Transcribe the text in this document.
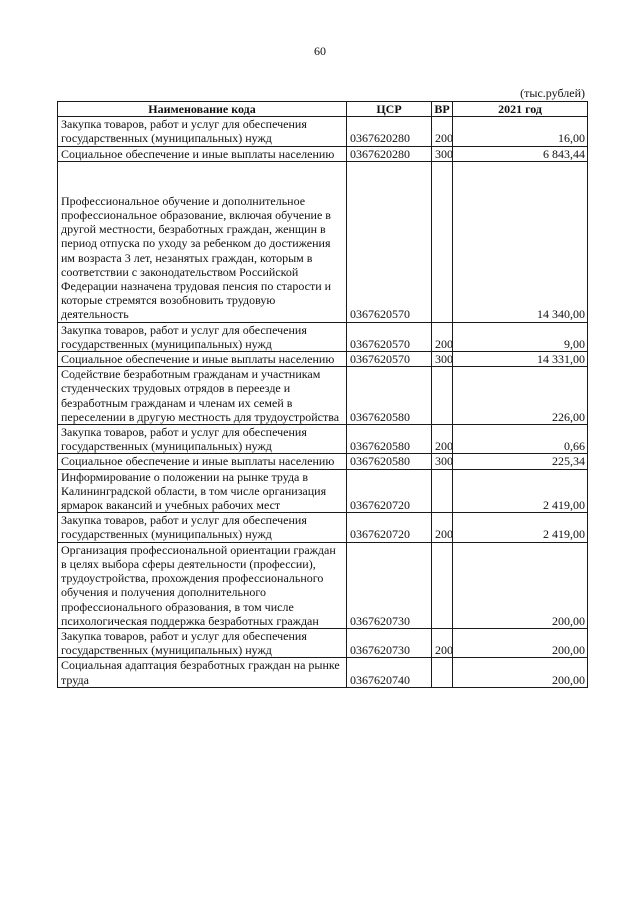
60
(тыс.рублей)
Наименование кода	ЦСР	ВР	2021 год
Закупка товаров, работ и услуг для обеспечения государственных (муниципальных) нужд	0367620280	200	16,00
Социальное обеспечение и иные выплаты населению	0367620280	300	6 843,44

Профессиональное обучение и дополнительное профессиональное образование, включая обучение в другой местности, безработных граждан, женщин в период отпуска по уходу за ребенком до достижения им возраста 3 лет, незанятых граждан, которым в соответствии с законодательством Российской Федерации назначена трудовая пенсия по старости и которые стремятся возобновить трудовую деятельность	0367620570		14 340,00
Закупка товаров, работ и услуг для обеспечения государственных (муниципальных) нужд	0367620570	200	9,00
Социальное обеспечение и иные выплаты населению	0367620570	300	14 331,00
Содействие безработным гражданам и участникам студенческих трудовых отрядов в переезде и безработным гражданам и членам их семей в переселении в другую местность для трудоустройства	0367620580		226,00
Закупка товаров, работ и услуг для обеспечения государственных (муниципальных) нужд	0367620580	200	0,66
Социальное обеспечение и иные выплаты населению	0367620580	300	225,34
Информирование о положении на рынке труда в Калининградской области, в том числе организация ярмарок вакансий и учебных рабочих мест	0367620720		2 419,00
Закупка товаров, работ и услуг для обеспечения государственных (муниципальных) нужд	0367620720	200	2 419,00
Организация профессиональной ориентации граждан в целях выбора сферы деятельности (профессии), трудоустройства, прохождения профессионального обучения и получения дополнительного профессионального образования, в том числе психологическая поддержка безработных граждан	0367620730		200,00
Закупка товаров, работ и услуг для обеспечения государственных (муниципальных) нужд	0367620730	200	200,00
Социальная адаптация безработных граждан на рынке труда	0367620740		200,00
